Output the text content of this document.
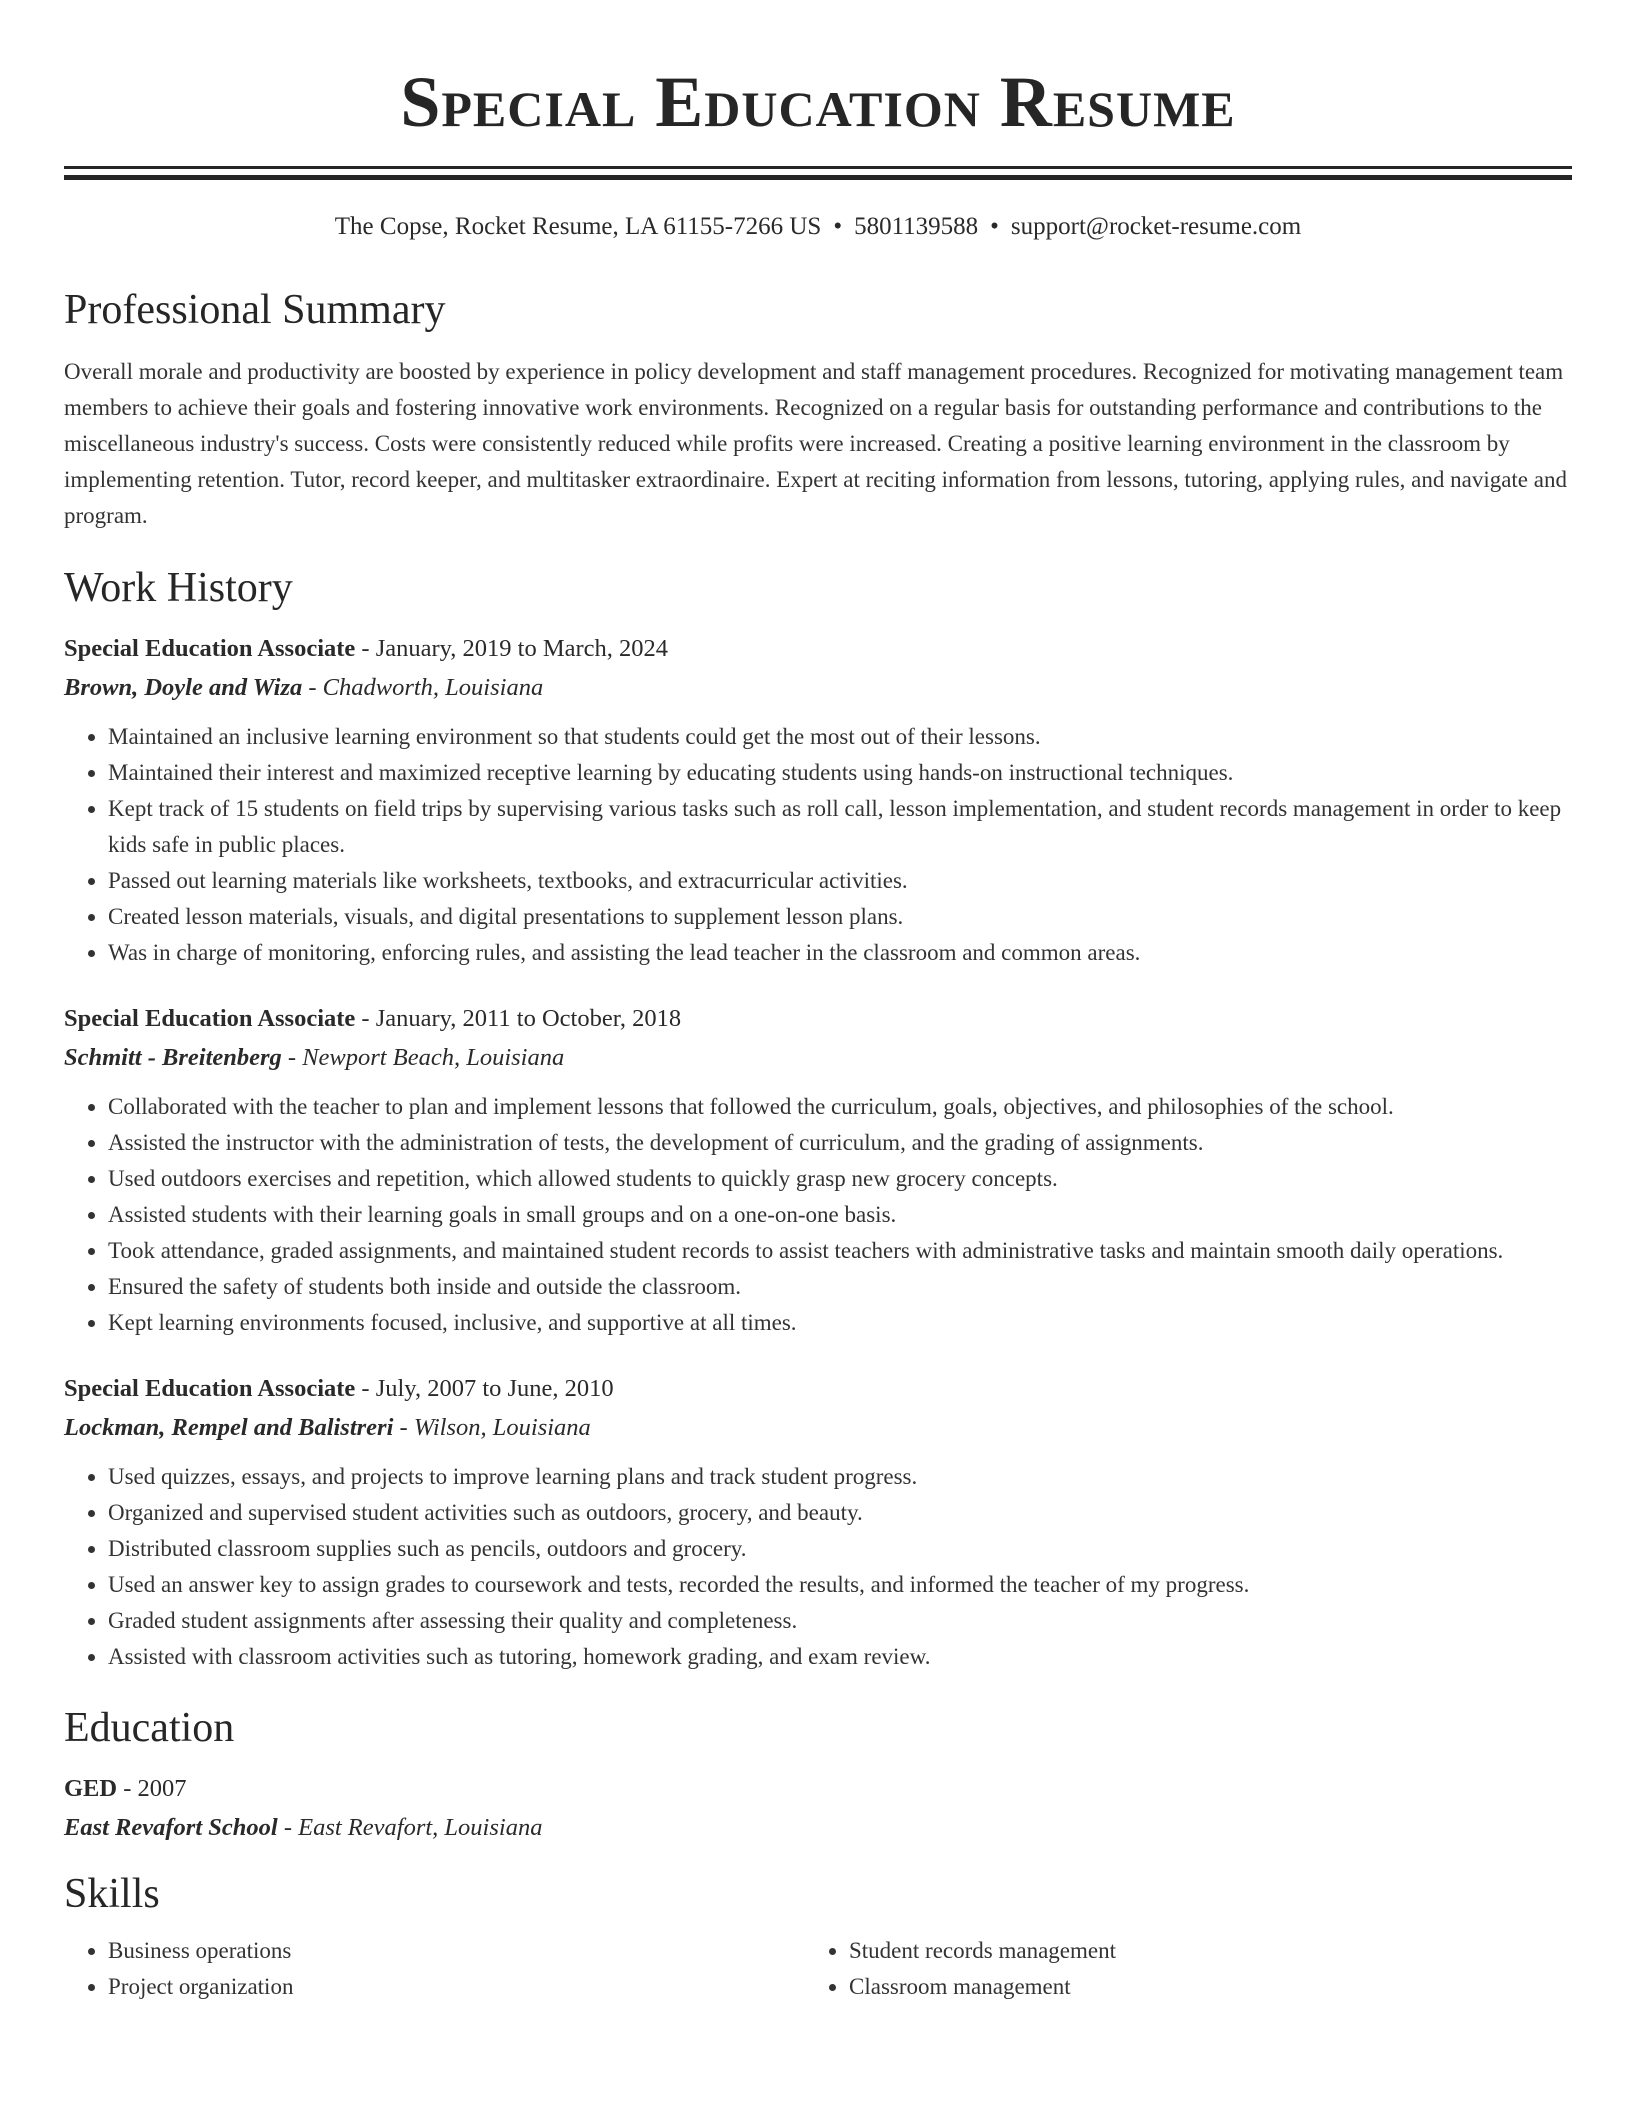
Special Education Resume
The Copse, Rocket Resume, LA 61155-7266 US • 5801139588 • support@rocket-resume.com
Professional Summary

Overall morale and productivity are boosted by experience in policy development and staff management procedures. Recognized for motivating management team members to achieve their goals and fostering innovative work environments. Recognized on a regular basis for outstanding performance and contributions to the miscellaneous industry's success. Costs were consistently reduced while profits were increased. Creating a positive learning environment in the classroom by implementing retention. Tutor, record keeper, and multitasker extraordinaire. Expert at reciting information from lessons, tutoring, applying rules, and navigate and program.

Work History
Special Education Associate - January, 2019 to March, 2024
Brown, Doyle and Wiza - Chadworth, Louisiana
• Maintained an inclusive learning environment so that students could get the most out of their lessons.
• Maintained their interest and maximized receptive learning by educating students using hands-on instructional techniques.
• Kept track of 15 students on field trips by supervising various tasks such as roll call, lesson implementation, and student records management in order to keep kids safe in public places.
• Passed out learning materials like worksheets, textbooks, and extracurricular activities.
• Created lesson materials, visuals, and digital presentations to supplement lesson plans.
• Was in charge of monitoring, enforcing rules, and assisting the lead teacher in the classroom and common areas.
Special Education Associate - January, 2011 to October, 2018
Schmitt - Breitenberg - Newport Beach, Louisiana
• Collaborated with the teacher to plan and implement lessons that followed the curriculum, goals, objectives, and philosophies of the school.
• Assisted the instructor with the administration of tests, the development of curriculum, and the grading of assignments.
• Used outdoors exercises and repetition, which allowed students to quickly grasp new grocery concepts.
• Assisted students with their learning goals in small groups and on a one-on-one basis.
• Took attendance, graded assignments, and maintained student records to assist teachers with administrative tasks and maintain smooth daily operations.
• Ensured the safety of students both inside and outside the classroom.
• Kept learning environments focused, inclusive, and supportive at all times.
Special Education Associate - July, 2007 to June, 2010
Lockman, Rempel and Balistreri - Wilson, Louisiana
• Used quizzes, essays, and projects to improve learning plans and track student progress.
• Organized and supervised student activities such as outdoors, grocery, and beauty.
• Distributed classroom supplies such as pencils, outdoors and grocery.
• Used an answer key to assign grades to coursework and tests, recorded the results, and informed the teacher of my progress.
• Graded student assignments after assessing their quality and completeness.
• Assisted with classroom activities such as tutoring, homework grading, and exam review.
Education
GED - 2007
East Revafort School - East Revafort, Louisiana
Skills
• Business operations
• Project organization
• Student records management
• Classroom management
